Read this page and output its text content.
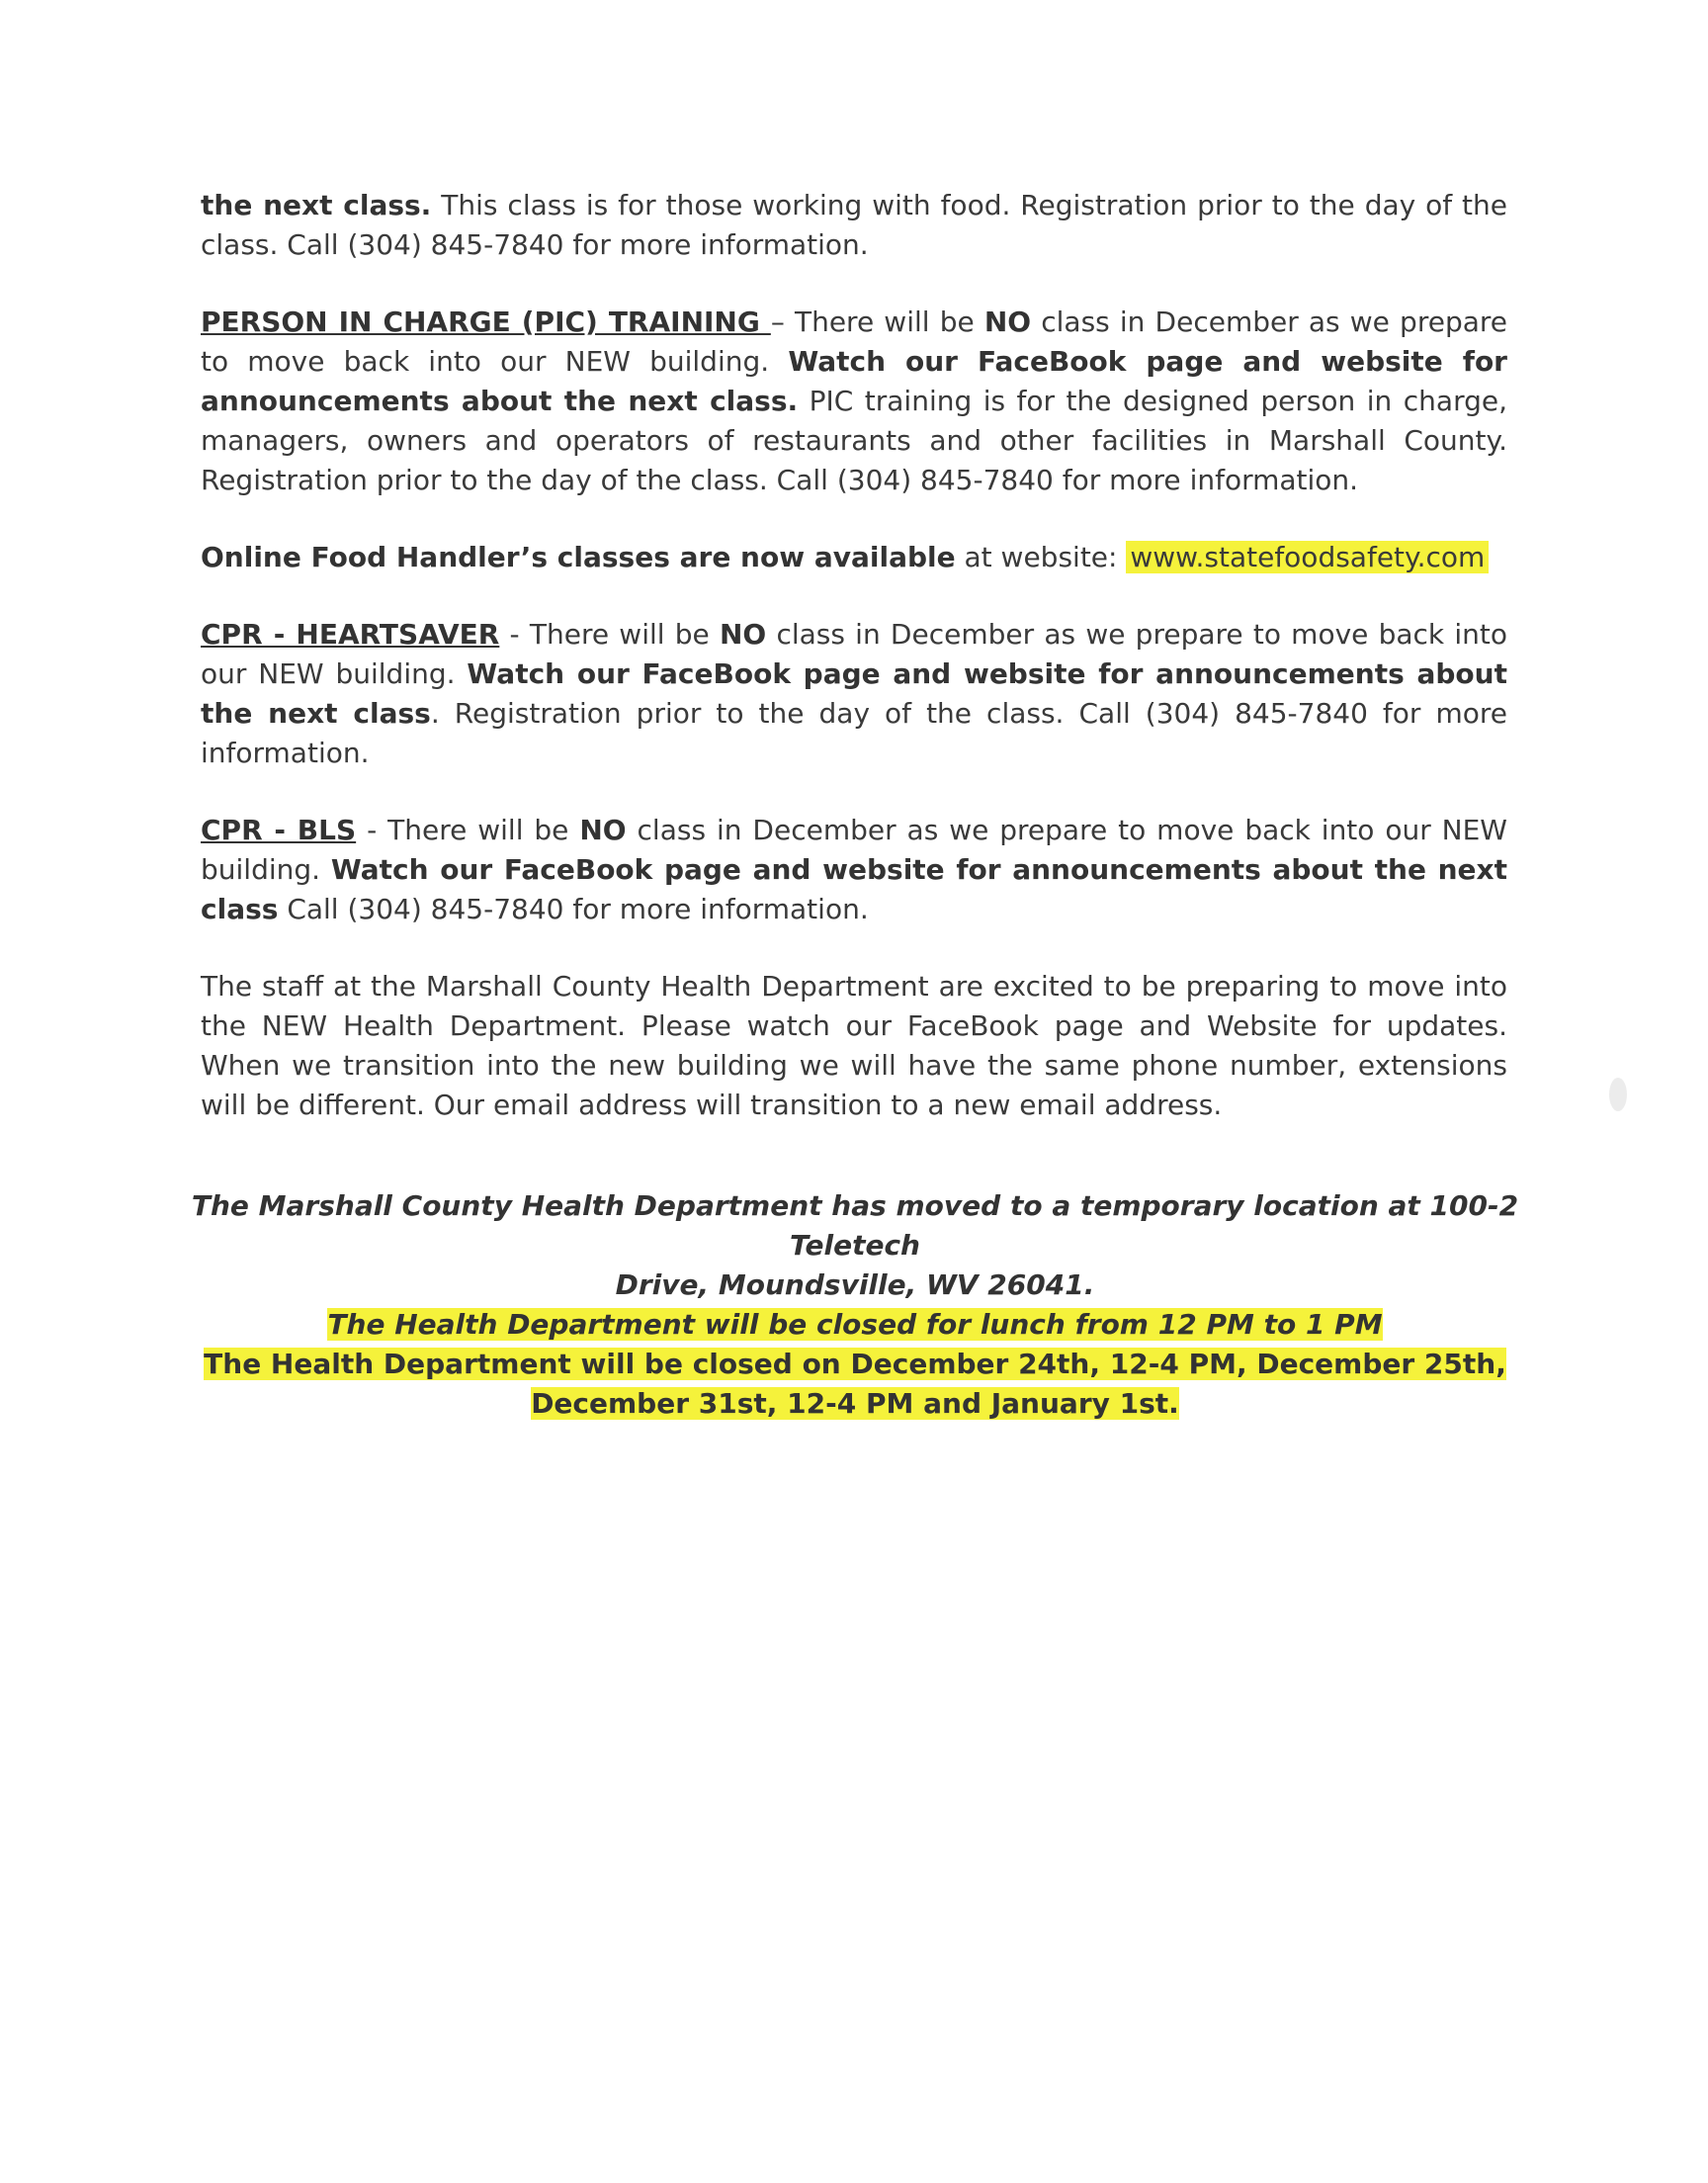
the next class. This class is for those working with food. Registration prior to the day of the class. Call (304) 845-7840 for more information.

PERSON IN CHARGE (PIC) TRAINING – There will be NO class in December as we prepare to move back into our NEW building. Watch our FaceBook page and website for announcements about the next class. PIC training is for the designed person in charge, managers, owners and operators of restaurants and other facilities in Marshall County. Registration prior to the day of the class. Call (304) 845-7840 for more information.

Online Food Handler’s classes are now available at website: www.statefoodsafety.com

CPR - HEARTSAVER - There will be NO class in December as we prepare to move back into our NEW building. Watch our FaceBook page and website for announcements about the next class. Registration prior to the day of the class. Call (304) 845-7840 for more information.

CPR - BLS - There will be NO class in December as we prepare to move back into our NEW building. Watch our FaceBook page and website for announcements about the next class Call (304) 845-7840 for more information.

The staff at the Marshall County Health Department are excited to be preparing to move into the NEW Health Department. Please watch our FaceBook page and Website for updates. When we transition into the new building we will have the same phone number, extensions will be different. Our email address will transition to a new email address.

The Marshall County Health Department has moved to a temporary location at 100-2 Teletech
Drive, Moundsville, WV 26041.
The Health Department will be closed for lunch from 12 PM to 1 PM
The Health Department will be closed on December 24th, 12-4 PM, December 25th,
December 31st, 12-4 PM and January 1st.
